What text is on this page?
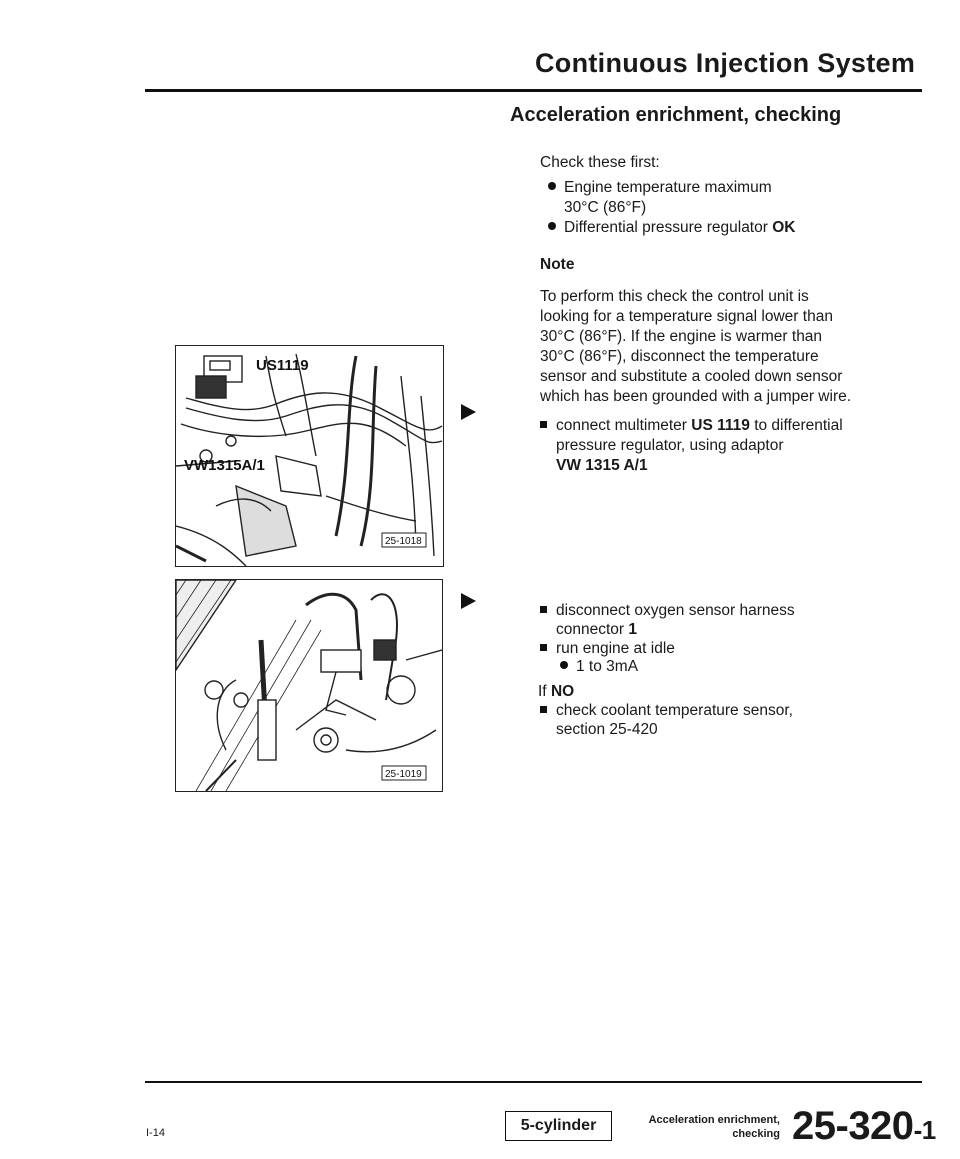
Continuous Injection System
Acceleration enrichment, checking
Check these first:
Engine temperature maximum
30°C (86°F)
Differential pressure regulator OK
Note
To perform this check the control unit is
looking for a temperature signal lower than
30°C (86°F). If the engine is warmer than
30°C (86°F), disconnect the temperature
sensor and substitute a cooled down sensor
which has been grounded with a jumper wire.
connect multimeter US 1119 to differential
pressure regulator, using adaptor
VW 1315 A/1
disconnect oxygen sensor harness
connector 1
run engine at idle
1 to 3mA
If NO
check coolant temperature sensor,
section 25-420
US1119
VW1315A/1
25-1018
25-1019
I-14	5-cylinder	Acceleration enrichment,
checking 25-320-1
